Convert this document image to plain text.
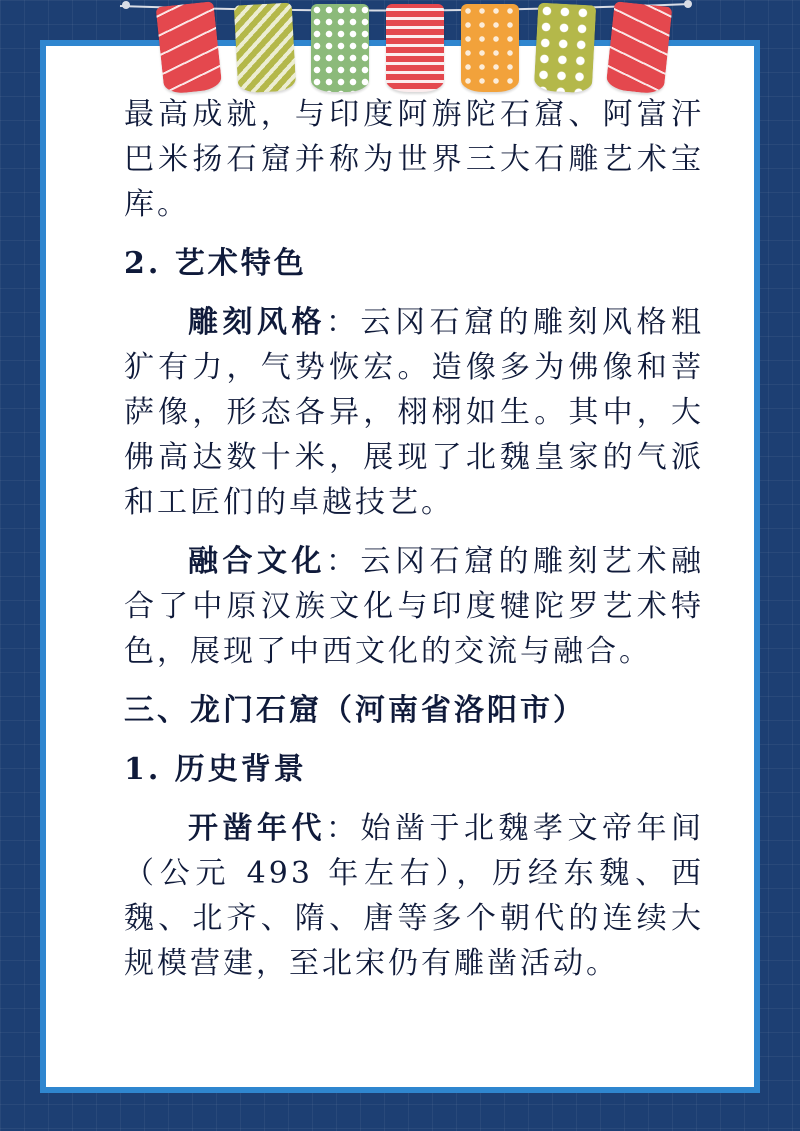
最高成就，与印度阿旃陀石窟、阿富汗巴米扬石窟并称为世界三大石雕艺术宝库。

2. 艺术特色

雕刻风格：云冈石窟的雕刻风格粗犷有力，气势恢宏。造像多为佛像和菩萨像，形态各异，栩栩如生。其中，大佛高达数十米，展现了北魏皇家的气派和工匠们的卓越技艺。

融合文化：云冈石窟的雕刻艺术融合了中原汉族文化与印度犍陀罗艺术特色，展现了中西文化的交流与融合。

三、龙门石窟（河南省洛阳市）

1. 历史背景

开凿年代：始凿于北魏孝文帝年间（公元 493 年左右），历经东魏、西魏、北齐、隋、唐等多个朝代的连续大规模营建，至北宋仍有雕凿活动。
